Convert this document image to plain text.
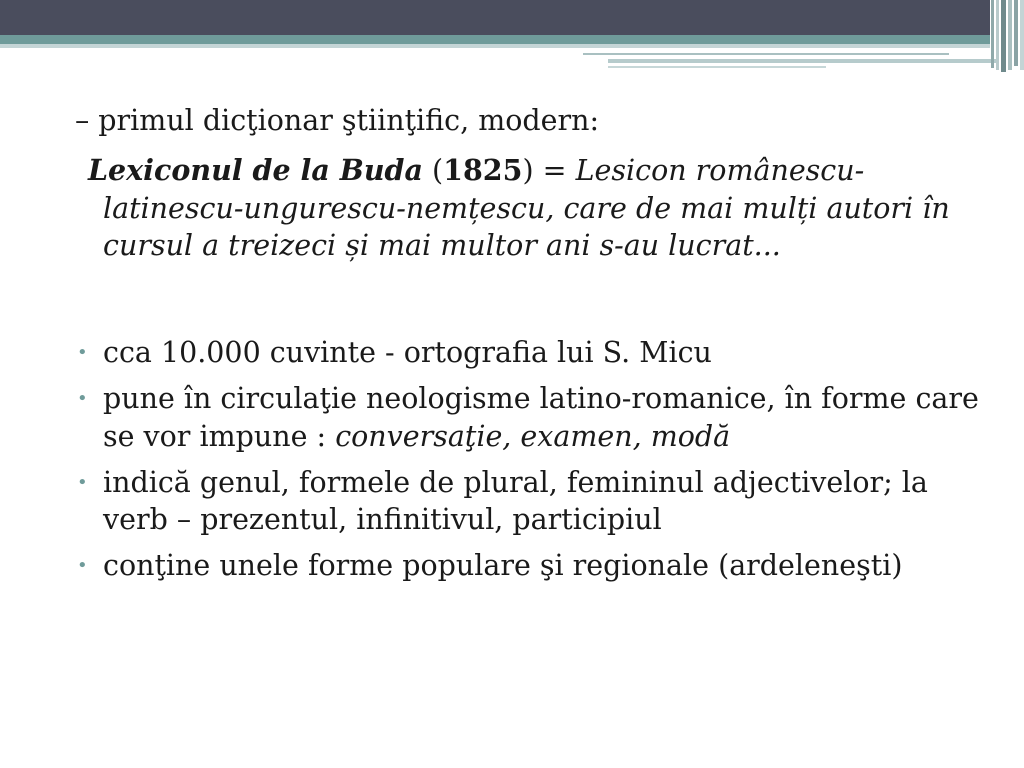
– primul dicţionar ştiinţific, modern:

Lexiconul de la Buda (1825) = Lesicon românescu-latinescu-ungurescu-nemțescu, care de mai mulți autori în cursul a treizeci și mai multor ani s-au lucrat...

• cca 10.000 cuvinte - ortografia lui S. Micu
• pune în circulaţie neologisme latino-romanice, în forme care se vor impune : conversaţie, examen, modă
• indică genul, formele de plural, femininul adjectivelor; la verb – prezentul, infinitivul, participiul
• conţine unele forme populare şi regionale (ardeleneşti)
